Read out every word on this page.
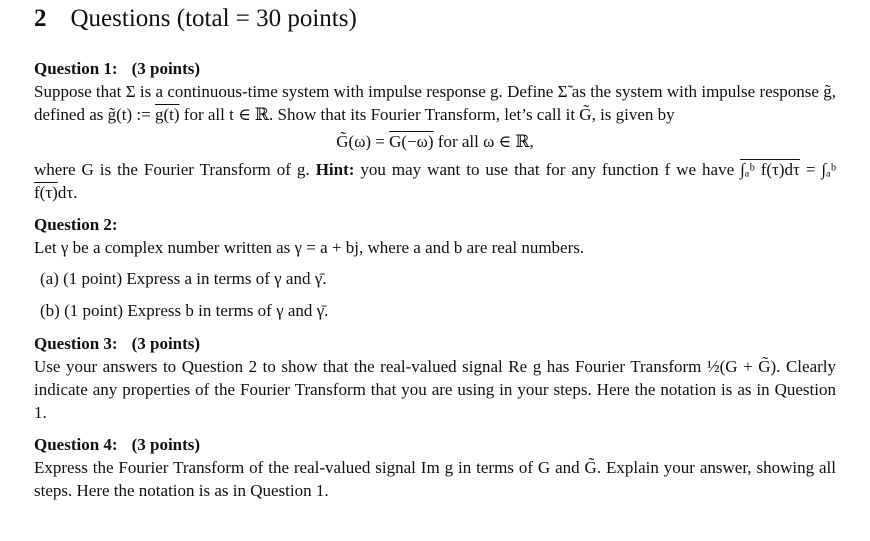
2 Questions (total = 30 points)
Question 1: (3 points)

Suppose that Σ is a continuous-time system with impulse response g. Define Σ̃ as the system with impulse response g̃, defined as g̃(t) := g(t) for all t ∈ ℝ. Show that its Fourier Transform, let’s call it G̃, is given by

G̃(ω) = G(−ω) for all ω ∈ ℝ,

where G is the Fourier Transform of g. Hint: you may want to use that for any function f we have ∫ₐᵇ f(τ)dτ = ∫ₐᵇ f(τ)dτ.

Question 2:

Let γ be a complex number written as γ = a + bj, where a and b are real numbers.

(a) (1 point) Express a in terms of γ and γ̄.
(b) (1 point) Express b in terms of γ and γ̄.
Question 3: (3 points)

Use your answers to Question 2 to show that the real-valued signal Re g has Fourier Transform ½(G + G̃). Clearly indicate any properties of the Fourier Transform that you are using in your steps. Here the notation is as in Question 1.

Question 4: (3 points)

Express the Fourier Transform of the real-valued signal Im g in terms of G and G̃. Explain your answer, showing all steps. Here the notation is as in Question 1.
